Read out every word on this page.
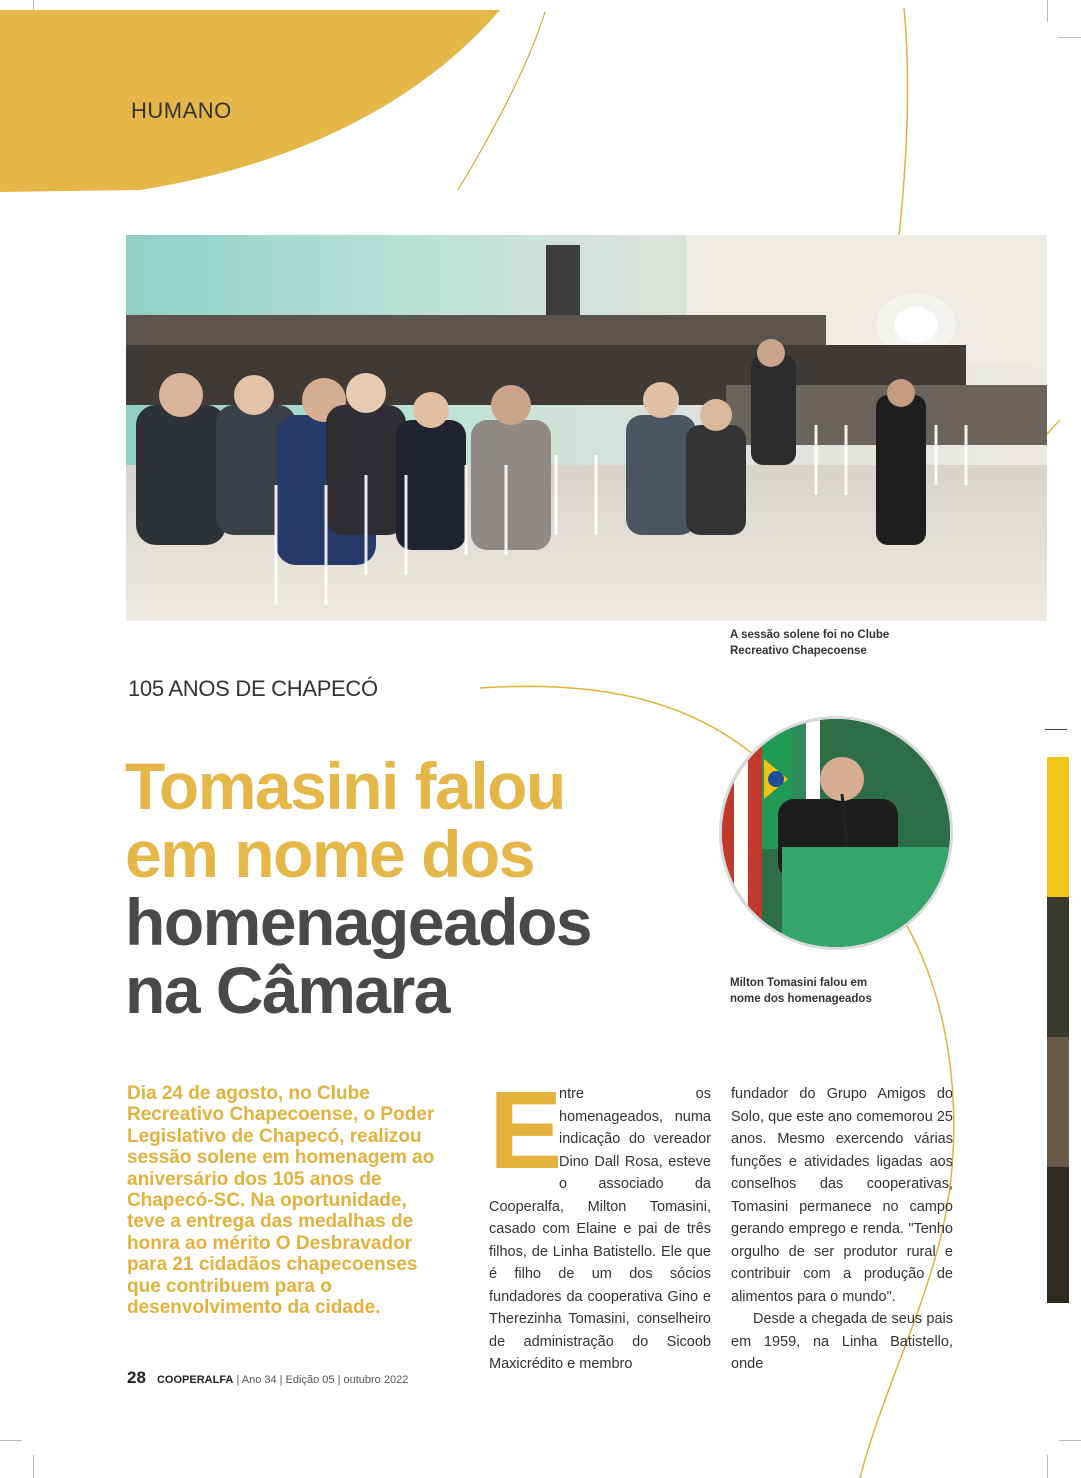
HUMANO
A sessão solene foi no Clube Recreativo Chapecoense
105 ANOS DE CHAPECÓ
Tomasini falou
em nome dos
homenageados
na Câmara	Milton Tomasini falou em nome dos homenageados
Dia 24 de agosto, no Clube Recreativo Chapecoense, o Poder Legislativo de Chapecó, realizou sessão solene em homenagem ao aniversário dos 105 anos de Chapecó-SC. Na oportunidade, teve a entrega das medalhas de honra ao mérito O Desbravador para 21 cidadãos chapecoenses que contribuem para o desenvolvimento da cidade.
E

ntre os homenageados, numa indicação do vereador Dino Dall Rosa, esteve o associado da Cooperalfa, Milton Tomasini, casado com Elaine e pai de três filhos, de Linha Batistello. Ele que é filho de um dos sócios fundadores da cooperativa Gino e Therezinha Tomasini, conselheiro de administração do Sicoob Maxicrédito e membro

fundador do Grupo Amigos do Solo, que este ano comemorou 25 anos. Mesmo exercendo várias funções e atividades ligadas aos conselhos das cooperativas, Tomasini permanece no campo gerando emprego e renda. "Tenho orgulho de ser produtor rural e contribuir com a produção de alimentos para o mundo".

Desde a chegada de seus pais em 1959, na Linha Batistello, onde

28 COOPERALFA | Ano 34 | Edição 05 | outubro 2022
